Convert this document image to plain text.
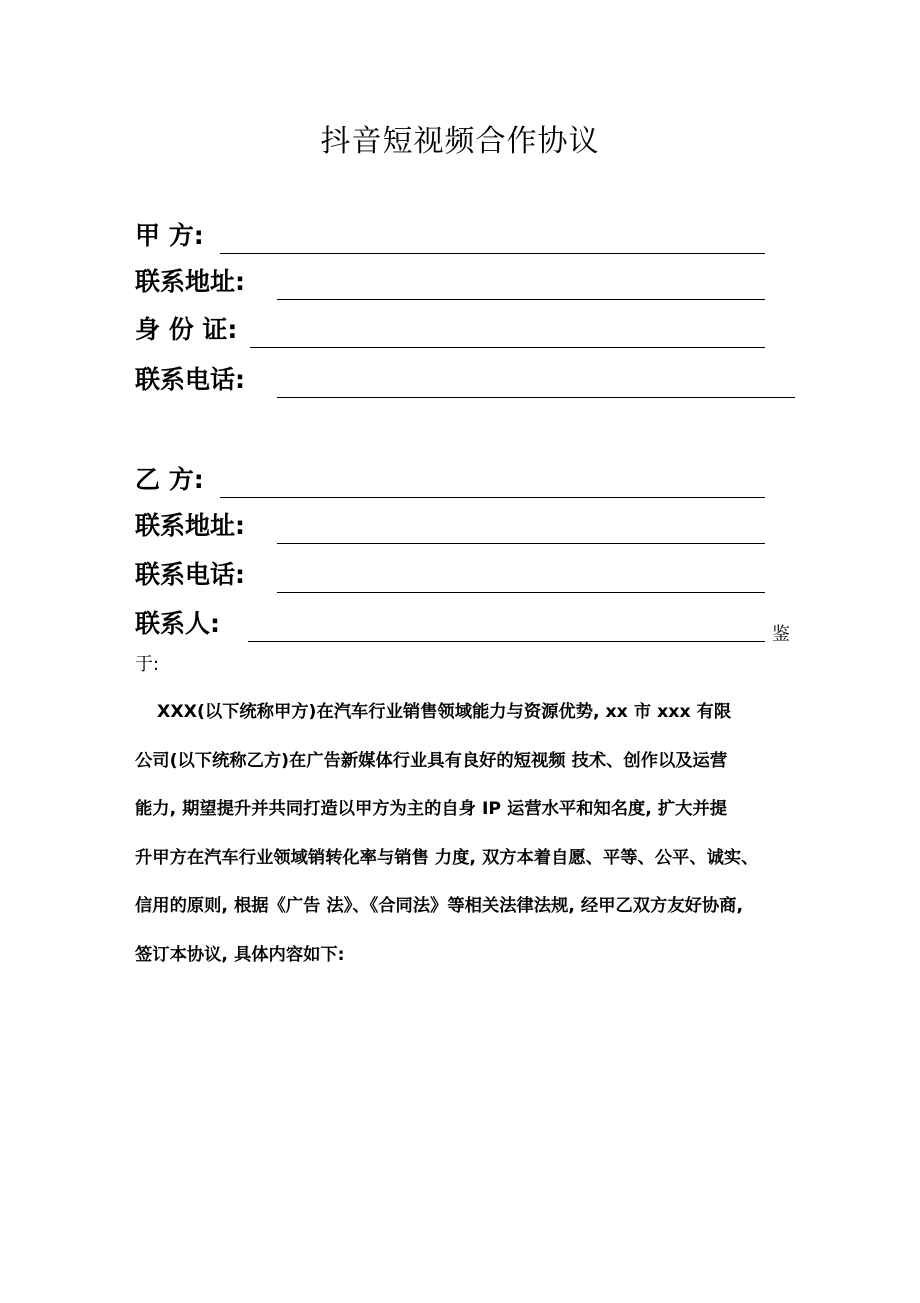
抖音短视频合作协议
甲 方:
联系地址:
身 份 证:
联系电话:
乙 方:
联系地址:
联系电话:
联系人:	鉴
于:

XXX(以下统称甲方)在汽车行业销售领域能力与资源优势, xx 市 xxx 有限
公司(以下统称乙方)在广告新媒体行业具有良好的短视频 技术、创作以及运营
能力, 期望提升并共同打造以甲方为主的自身 IP 运营水平和知名度, 扩大并提
升甲方在汽车行业领域销转化率与销售 力度, 双方本着自愿、平等、公平、诚实、
信用的原则, 根据《广告 法》、《合同法》等相关法律法规, 经甲乙双方友好协商,
签订本协议, 具体内容如下:
